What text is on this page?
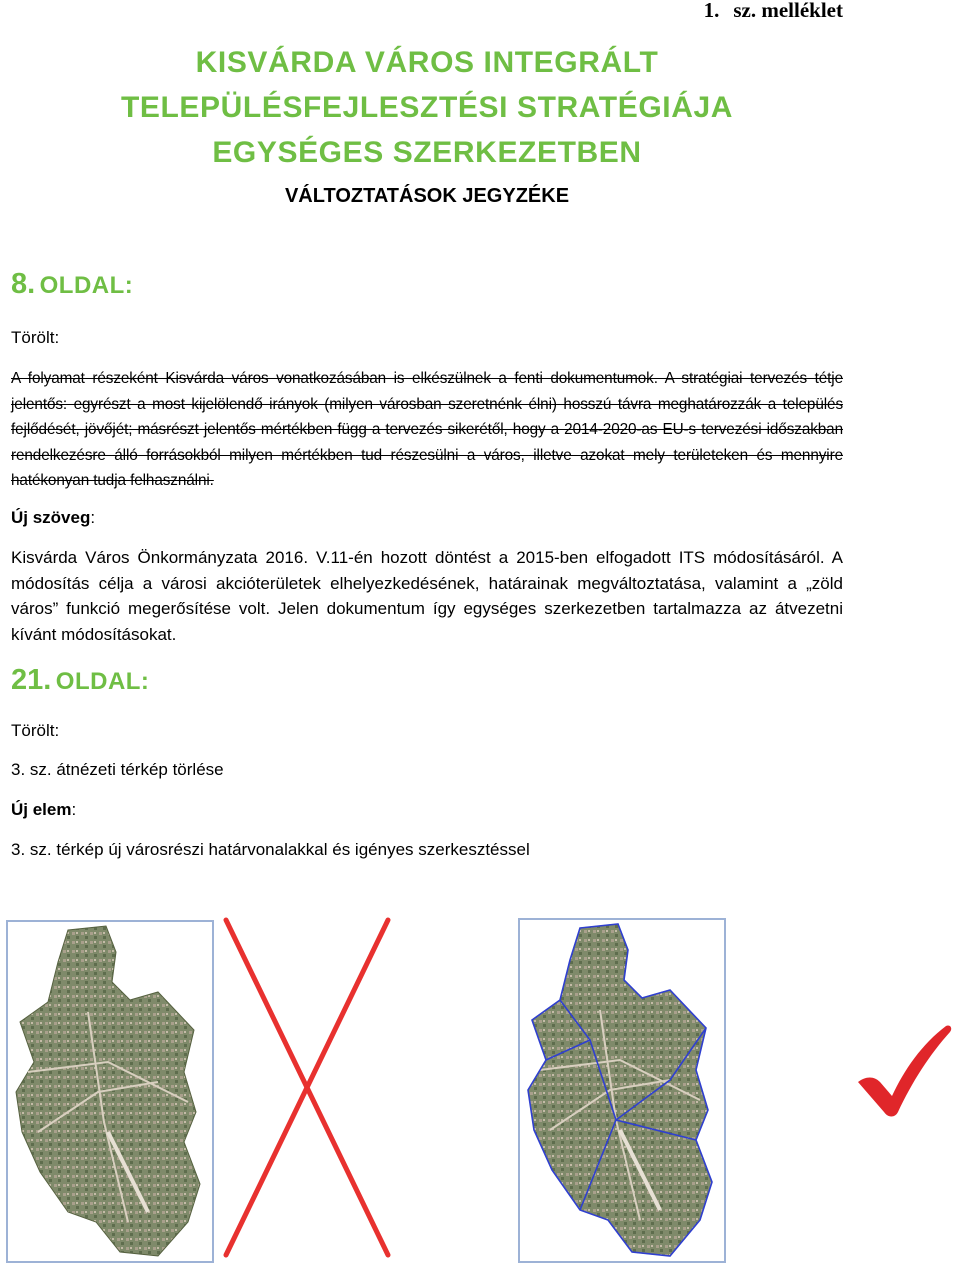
1. sz. melléklet
KISVÁRDA VÁROS INTEGRÁLT
TELEPÜLÉSFEJLESZTÉSI STRATÉGIÁJA
EGYSÉGES SZERKEZETBEN
VÁLTOZTATÁSOK JEGYZÉKE
8. OLDAL:
Törölt:
A folyamat részeként Kisvárda város vonatkozásában is elkészülnek a fenti dokumentumok. A stratégiai tervezés tétje jelentős: egyrészt a most kijelölendő irányok (milyen városban szeretnénk élni) hosszú távra meghatározzák a település fejlődését, jövőjét; másrészt jelentős mértékben függ a tervezés sikerétől, hogy a 2014-2020-as EU-s tervezési időszakban rendelkezésre álló forrásokból milyen mértékben tud részesülni a város, illetve azokat mely területeken és mennyire hatékonyan tudja felhasználni.
Új szöveg:
Kisvárda Város Önkormányzata 2016. V.11-én hozott döntést a 2015-ben elfogadott ITS módosításáról. A módosítás célja a városi akcióterületek elhelyezkedésének, határainak megváltoztatása, valamint a „zöld város” funkció megerősítése volt. Jelen dokumentum így egységes szerkezetben tartalmazza az átvezetni kívánt módosításokat.
21. OLDAL:
Törölt:
3. sz. átnézeti térkép törlése
Új elem:
3. sz. térkép új városrészi határvonalakkal és igényes szerkesztéssel
